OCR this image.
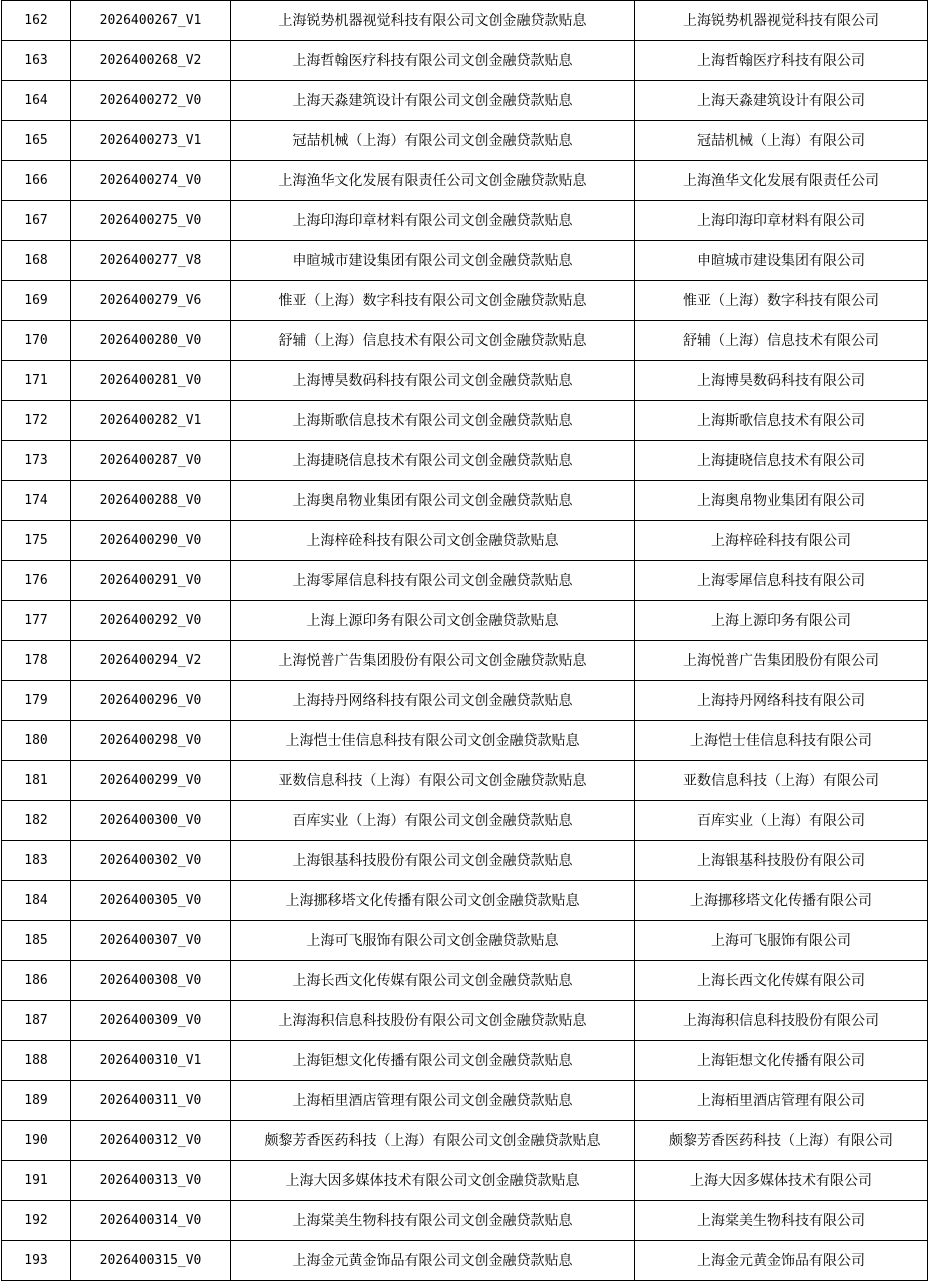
162	2026400267_V1	上海锐势机器视觉科技有限公司文创金融贷款贴息	上海锐势机器视觉科技有限公司
163	2026400268_V2	上海哲翰医疗科技有限公司文创金融贷款贴息	上海哲翰医疗科技有限公司
164	2026400272_V0	上海天淼建筑设计有限公司文创金融贷款贴息	上海天淼建筑设计有限公司
165	2026400273_V1	冠喆机械（上海）有限公司文创金融贷款贴息	冠喆机械（上海）有限公司
166	2026400274_V0	上海渔华文化发展有限责任公司文创金融贷款贴息	上海渔华文化发展有限责任公司
167	2026400275_V0	上海印海印章材料有限公司文创金融贷款贴息	上海印海印章材料有限公司
168	2026400277_V8	申暄城市建设集团有限公司文创金融贷款贴息	申暄城市建设集团有限公司
169	2026400279_V6	惟亚（上海）数字科技有限公司文创金融贷款贴息	惟亚（上海）数字科技有限公司
170	2026400280_V0	舒辅（上海）信息技术有限公司文创金融贷款贴息	舒辅（上海）信息技术有限公司
171	2026400281_V0	上海博昊数码科技有限公司文创金融贷款贴息	上海博昊数码科技有限公司
172	2026400282_V1	上海斯歌信息技术有限公司文创金融贷款贴息	上海斯歌信息技术有限公司
173	2026400287_V0	上海捷晓信息技术有限公司文创金融贷款贴息	上海捷晓信息技术有限公司
174	2026400288_V0	上海奥帛物业集团有限公司文创金融贷款贴息	上海奥帛物业集团有限公司
175	2026400290_V0	上海梓硂科技有限公司文创金融贷款贴息	上海梓硂科技有限公司
176	2026400291_V0	上海零犀信息科技有限公司文创金融贷款贴息	上海零犀信息科技有限公司
177	2026400292_V0	上海上源印务有限公司文创金融贷款贴息	上海上源印务有限公司
178	2026400294_V2	上海悦普广告集团股份有限公司文创金融贷款贴息	上海悦普广告集团股份有限公司
179	2026400296_V0	上海持丹网络科技有限公司文创金融贷款贴息	上海持丹网络科技有限公司
180	2026400298_V0	上海恺士佳信息科技有限公司文创金融贷款贴息	上海恺士佳信息科技有限公司
181	2026400299_V0	亚数信息科技（上海）有限公司文创金融贷款贴息	亚数信息科技（上海）有限公司
182	2026400300_V0	百库实业（上海）有限公司文创金融贷款贴息	百库实业（上海）有限公司
183	2026400302_V0	上海银基科技股份有限公司文创金融贷款贴息	上海银基科技股份有限公司
184	2026400305_V0	上海挪移塔文化传播有限公司文创金融贷款贴息	上海挪移塔文化传播有限公司
185	2026400307_V0	上海可飞服饰有限公司文创金融贷款贴息	上海可飞服饰有限公司
186	2026400308_V0	上海长西文化传媒有限公司文创金融贷款贴息	上海长西文化传媒有限公司
187	2026400309_V0	上海海积信息科技股份有限公司文创金融贷款贴息	上海海积信息科技股份有限公司
188	2026400310_V1	上海钜想文化传播有限公司文创金融贷款贴息	上海钜想文化传播有限公司
189	2026400311_V0	上海栢里酒店管理有限公司文创金融贷款贴息	上海栢里酒店管理有限公司
190	2026400312_V0	颇黎芳香医药科技（上海）有限公司文创金融贷款贴息	颇黎芳香医药科技（上海）有限公司
191	2026400313_V0	上海大因多媒体技术有限公司文创金融贷款贴息	上海大因多媒体技术有限公司
192	2026400314_V0	上海棠美生物科技有限公司文创金融贷款贴息	上海棠美生物科技有限公司
193	2026400315_V0	上海金元黄金饰品有限公司文创金融贷款贴息	上海金元黄金饰品有限公司
